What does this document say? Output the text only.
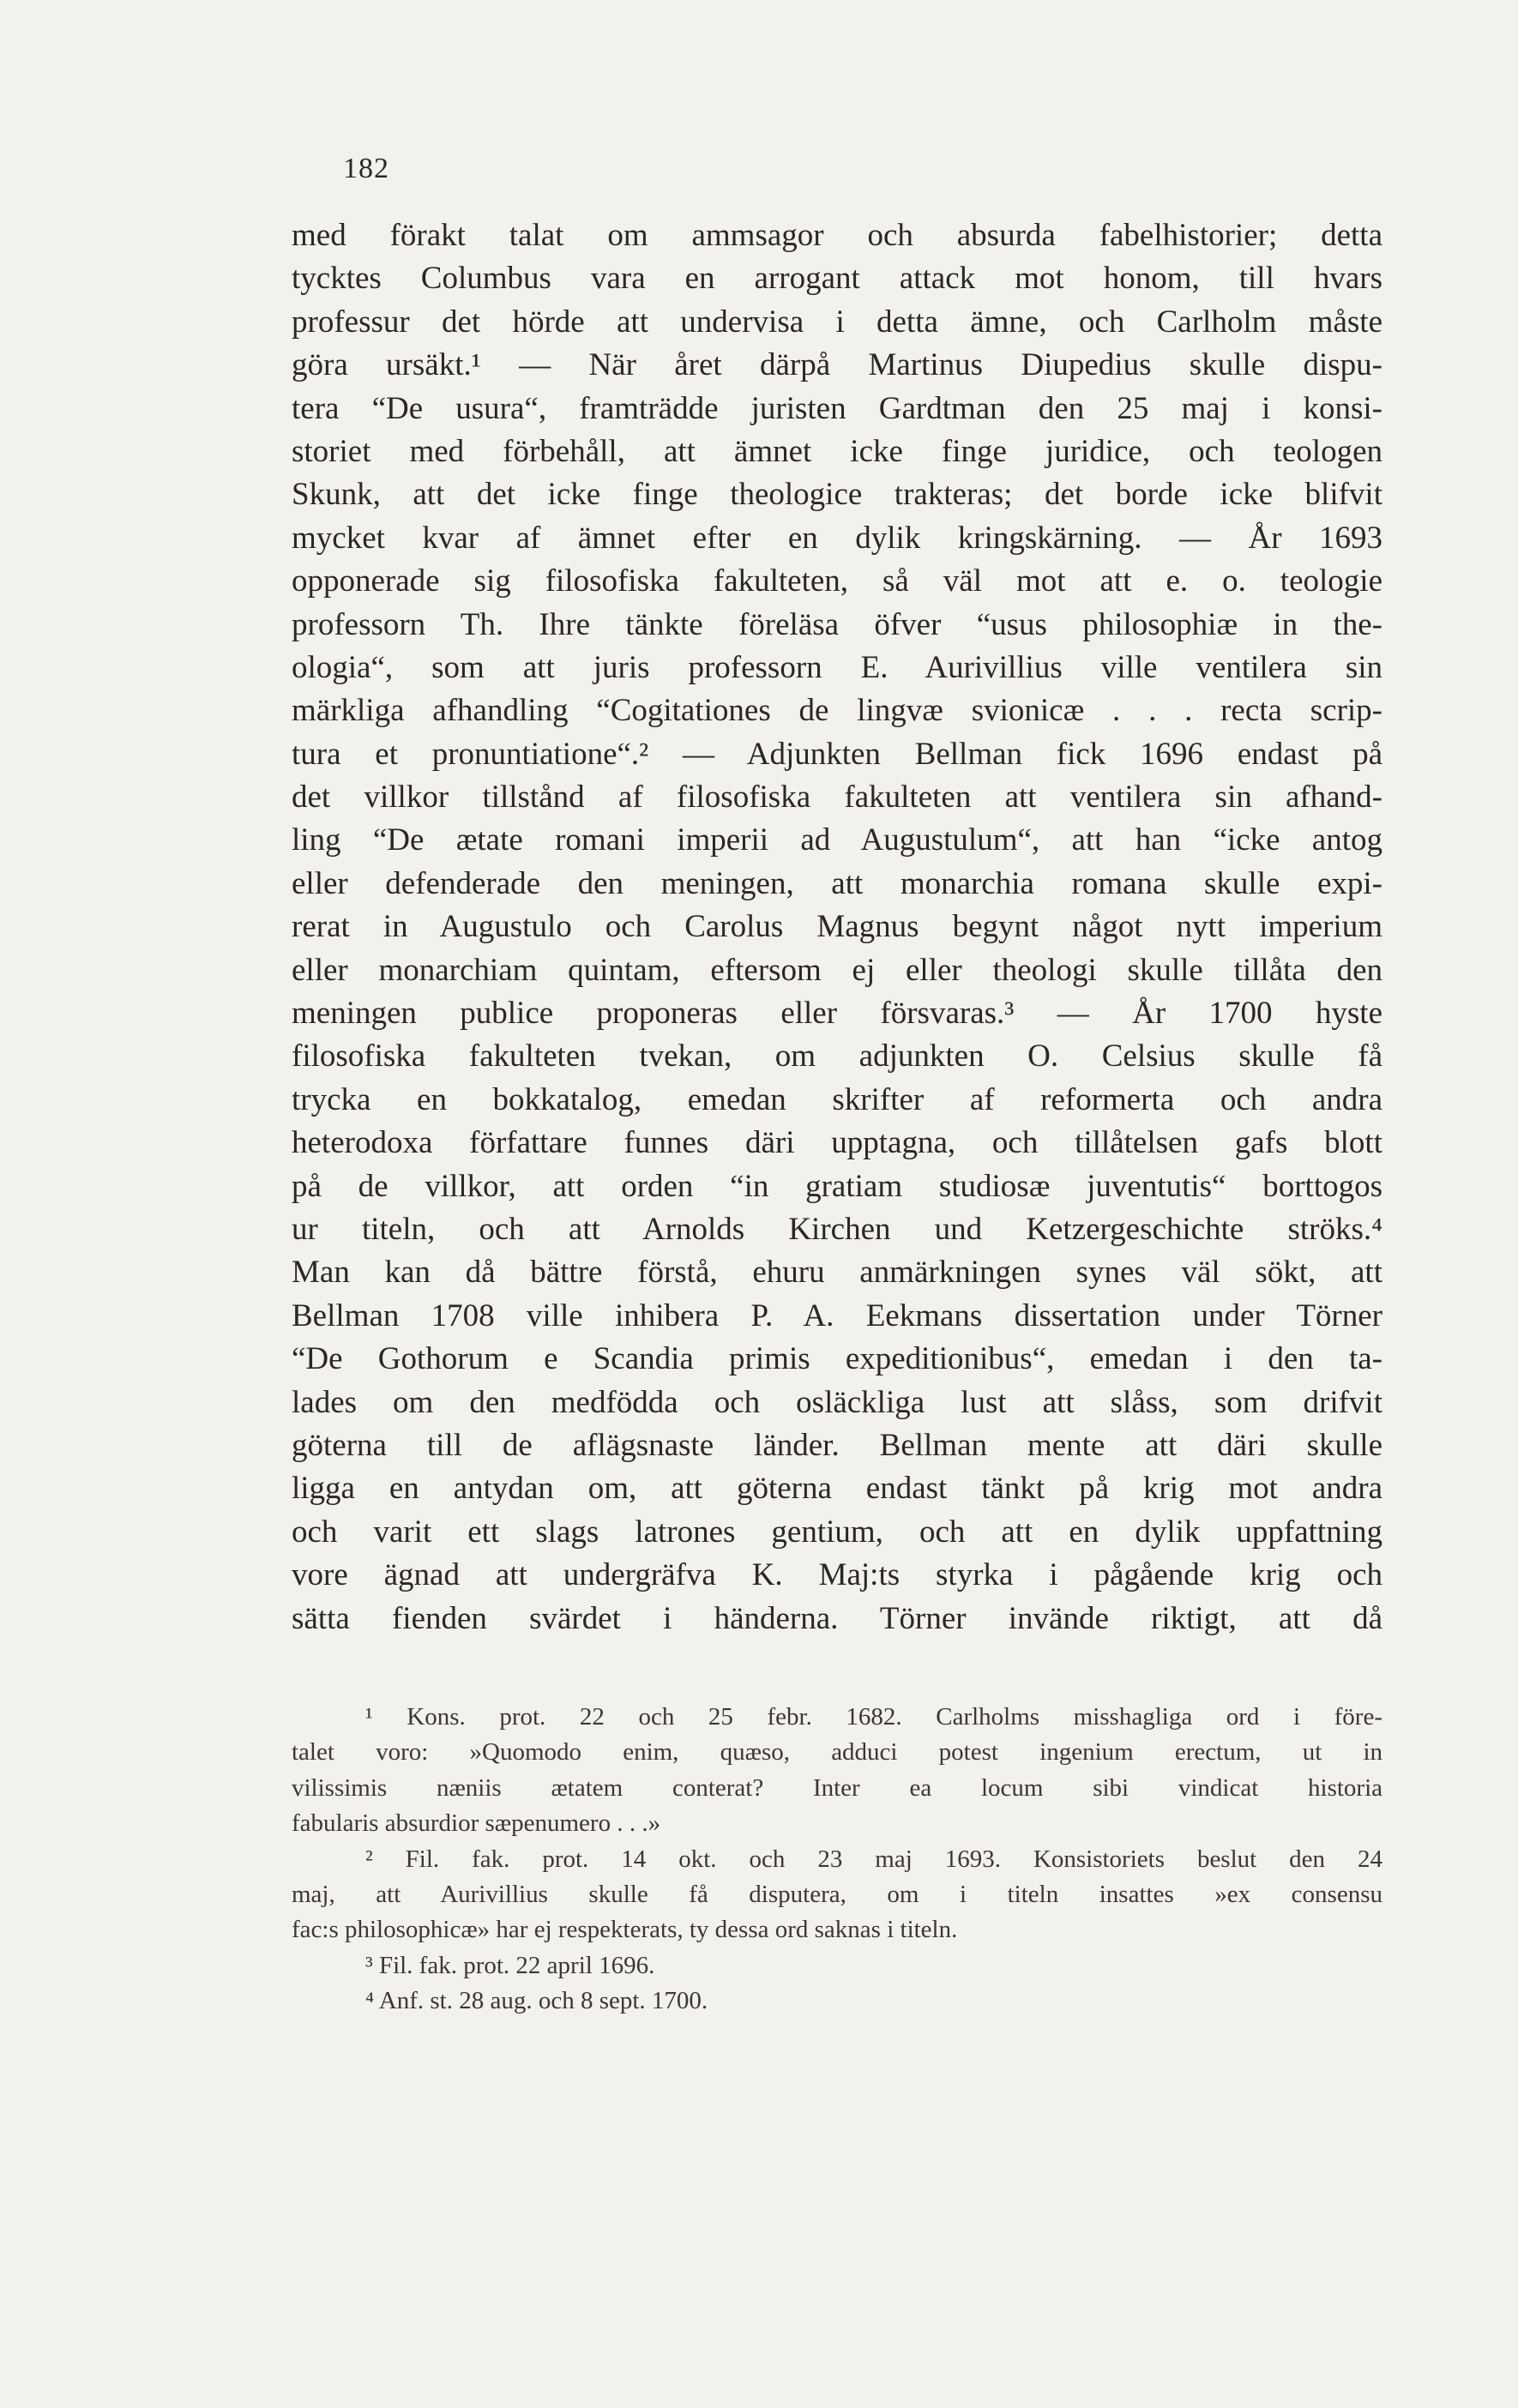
182
med förakt talat om ammsagor och absurda fabelhistorier; detta
tycktes Columbus vara en arrogant attack mot honom, till hvars
professur det hörde att undervisa i detta ämne, och Carlholm måste
göra ursäkt.¹ — När året därpå Martinus Diupedius skulle dispu-
tera “De usura“, framträdde juristen Gardtman den 25 maj i konsi-
storiet med förbehåll, att ämnet icke finge juridice, och teologen
Skunk, att det icke finge theologice trakteras; det borde icke blifvit
mycket kvar af ämnet efter en dylik kringskärning. — År 1693
opponerade sig filosofiska fakulteten, så väl mot att e. o. teologie
professorn Th. Ihre tänkte föreläsa öfver “usus philosophiæ in the-
ologia“, som att juris professorn E. Aurivillius ville ventilera sin
märkliga afhandling “Cogitationes de lingvæ svionicæ . . . recta scrip-
tura et pronuntiatione“.² — Adjunkten Bellman fick 1696 endast på
det villkor tillstånd af filosofiska fakulteten att ventilera sin afhand-
ling “De ætate romani imperii ad Augustulum“, att han “icke antog
eller defenderade den meningen, att monarchia romana skulle expi-
rerat in Augustulo och Carolus Magnus begynt något nytt imperium
eller monarchiam quintam, eftersom ej eller theologi skulle tillåta den
meningen publice proponeras eller försvaras.³ — År 1700 hyste
filosofiska fakulteten tvekan, om adjunkten O. Celsius skulle få
trycka en bokkatalog, emedan skrifter af reformerta och andra
heterodoxa författare funnes däri upptagna, och tillåtelsen gafs blott
på de villkor, att orden “in gratiam studiosæ juventutis“ borttogos
ur titeln, och att Arnolds Kirchen und Ketzergeschichte ströks.⁴
Man kan då bättre förstå, ehuru anmärkningen synes väl sökt, att
Bellman 1708 ville inhibera P. A. Eekmans dissertation under Törner
“De Gothorum e Scandia primis expeditionibus“, emedan i den ta-
lades om den medfödda och osläckliga lust att slåss, som drifvit
göterna till de aflägsnaste länder. Bellman mente att däri skulle
ligga en antydan om, att göterna endast tänkt på krig mot andra
och varit ett slags latrones gentium, och att en dylik uppfattning
vore ägnad att undergräfva K. Maj:ts styrka i pågående krig och
sätta fienden svärdet i händerna. Törner invände riktigt, att då
¹ Kons. prot. 22 och 25 febr. 1682. Carlholms misshagliga ord i före-
talet voro: »Quomodo enim, quæso, adduci potest ingenium erectum, ut in
vilissimis næniis ætatem conterat? Inter ea locum sibi vindicat historia
fabularis absurdior sæpenumero . . .»
² Fil. fak. prot. 14 okt. och 23 maj 1693. Konsistoriets beslut den 24
maj, att Aurivillius skulle få disputera, om i titeln insattes »ex consensu
fac:s philosophicæ» har ej respekterats, ty dessa ord saknas i titeln.
³ Fil. fak. prot. 22 april 1696.
⁴ Anf. st. 28 aug. och 8 sept. 1700.
